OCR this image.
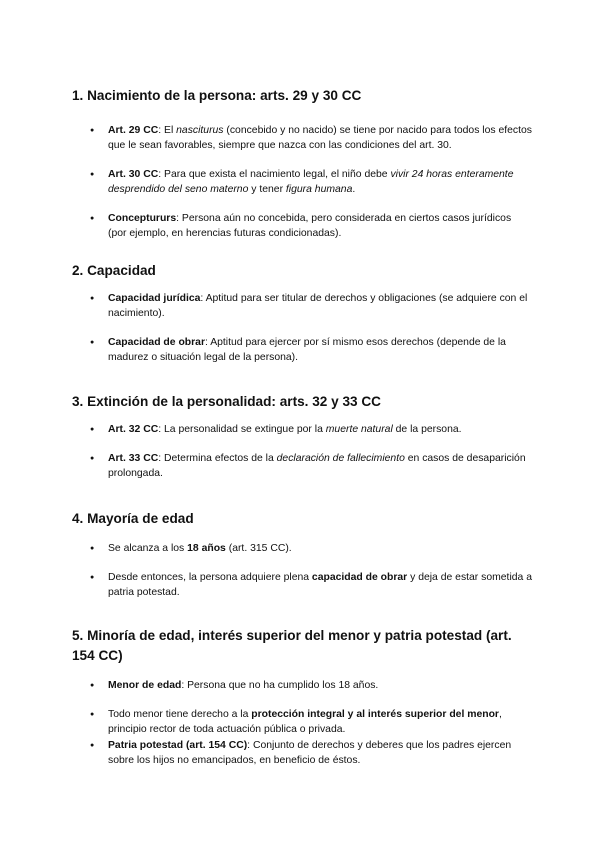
1. Nacimiento de la persona: arts. 29 y 30 CC
● Art. 29 CC: El nasciturus (concebido y no nacido) se tiene por nacido para todos los efectos que le sean favorables, siempre que nazca con las condiciones del art. 30.
● Art. 30 CC: Para que exista el nacimiento legal, el niño debe vivir 24 horas enteramente desprendido del seno materno y tener figura humana.
● Conceptururs: Persona aún no concebida, pero considerada en ciertos casos jurídicos (por ejemplo, en herencias futuras condicionadas).
2. Capacidad
● Capacidad jurídica: Aptitud para ser titular de derechos y obligaciones (se adquiere con el nacimiento).
● Capacidad de obrar: Aptitud para ejercer por sí mismo esos derechos (depende de la madurez o situación legal de la persona).
3. Extinción de la personalidad: arts. 32 y 33 CC
● Art. 32 CC: La personalidad se extingue por la muerte natural de la persona.
● Art. 33 CC: Determina efectos de la declaración de fallecimiento en casos de desaparición prolongada.
4. Mayoría de edad
● Se alcanza a los 18 años (art. 315 CC).
● Desde entonces, la persona adquiere plena capacidad de obrar y deja de estar sometida a patria potestad.
5. Minoría de edad, interés superior del menor y patria potestad (art. 154 CC)
● Menor de edad: Persona que no ha cumplido los 18 años.
● Todo menor tiene derecho a la protección integral y al interés superior del menor, principio rector de toda actuación pública o privada.
● Patria potestad (art. 154 CC): Conjunto de derechos y deberes que los padres ejercen sobre los hijos no emancipados, en beneficio de éstos.
